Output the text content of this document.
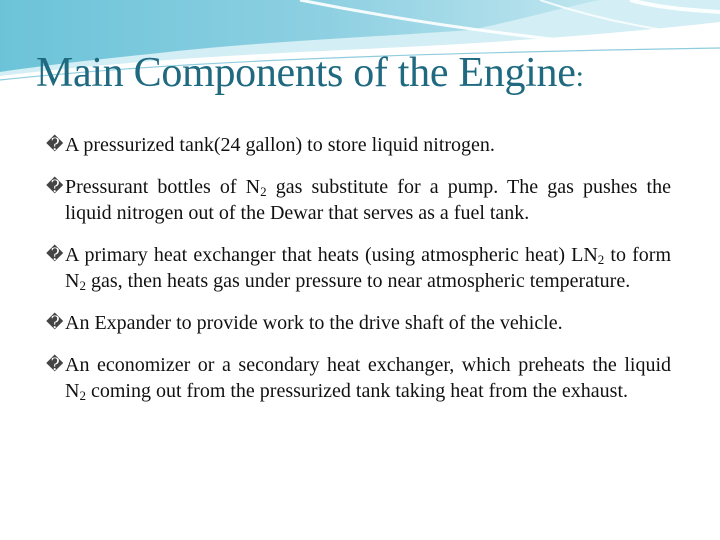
Main Components of the Engine:
� A pressurized tank(24 gallon) to store liquid nitrogen.
� Pressurant bottles of $N_2$ gas substitute for a pump. The gas pushes the liquid nitrogen out of the Dewar that serves as a fuel tank.
� A primary heat exchanger that heats (using atmospheric heat) $LN_2$ to form $N_2$ gas, then heats gas under pressure to near atmospheric temperature.
� An Expander to provide work to the drive shaft of the vehicle.
� An economizer or a secondary heat exchanger, which preheats the liquid $N_2$ coming out from the pressurized tank taking heat from the exhaust.
